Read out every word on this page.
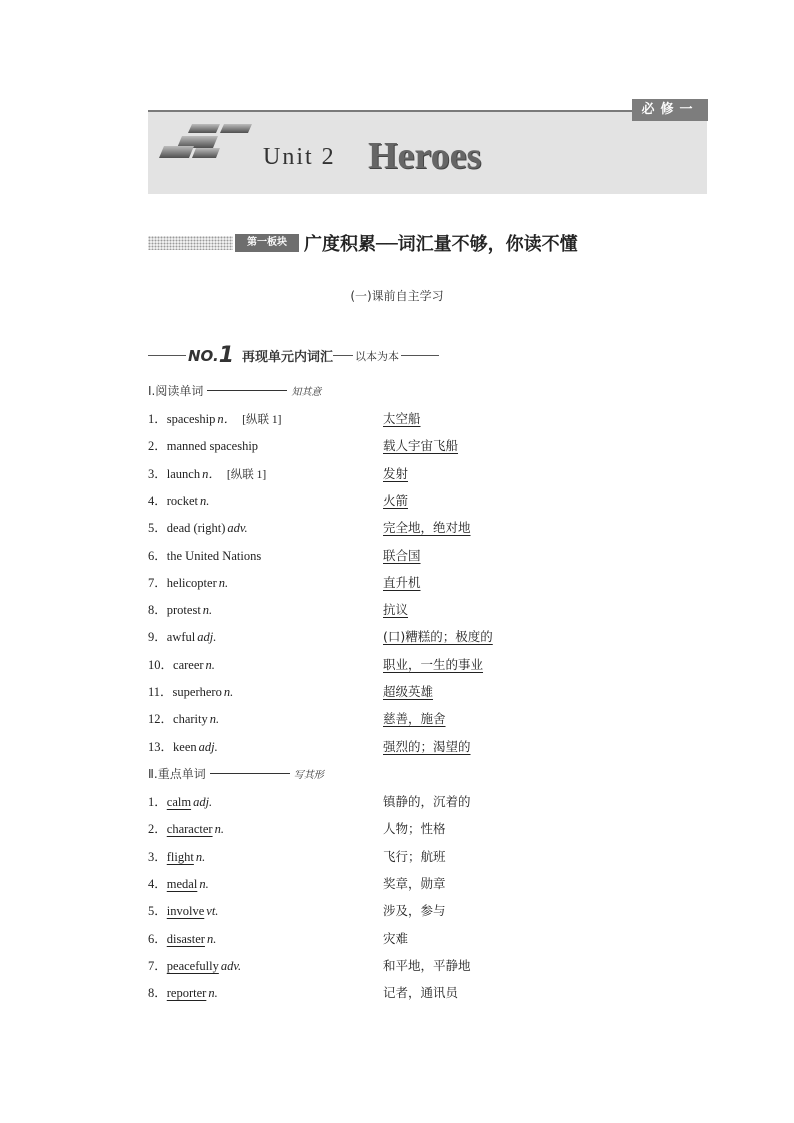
必修一
Unit 2 Heroes
第一板块 广度积累──词汇量不够，你读不懂
(一)课前自主学习
NO. 1 再现单元内词汇 以本为本
Ⅰ.阅读单词	知其意
1．spaceship n． [纵联 1]	太空船
2．manned spaceship	载人宇宙飞船
3．launch n． [纵联 1]	发射
4．rocket n.	火箭
5．dead (right) adv.	完全地，绝对地
6．the United Nations	联合国
7．helicopter n.	直升机
8．protest n.	抗议
9．awful adj.	(口)糟糕的；极度的
10．career n.	职业，一生的事业
11．superhero n.	超级英雄
12．charity n.	慈善，施舍
13．keen adj.	强烈的；渴望的
Ⅱ.重点单词	写其形
1．calm adj.	镇静的，沉着的
2．character n.	人物；性格
3．flight n.	飞行；航班
4．medal n.	奖章，勋章
5．involve vt.	涉及，参与
6．disaster n.	灾难
7．peacefully adv.	和平地，平静地
8．reporter n.	记者，通讯员
